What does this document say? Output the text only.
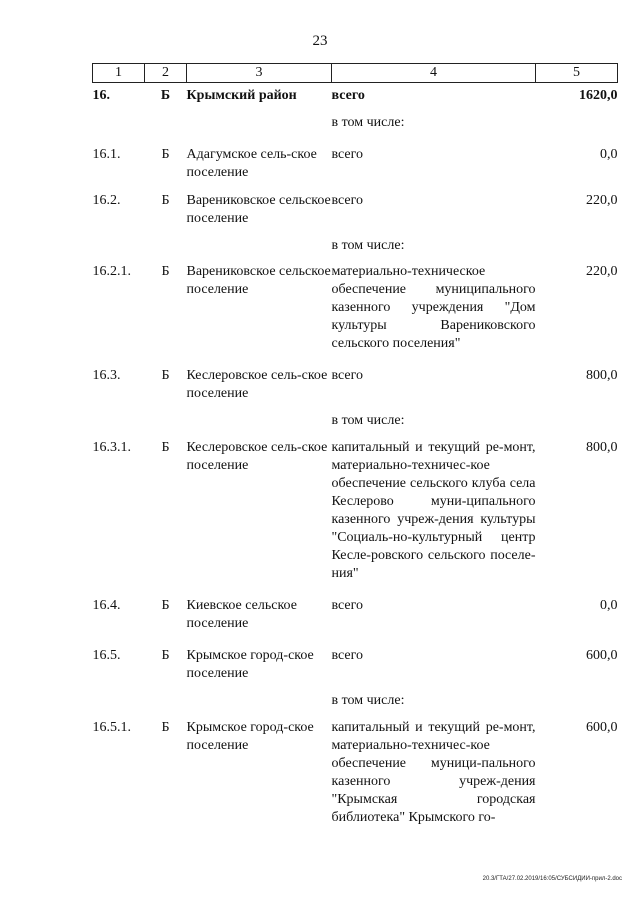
23
1	2	3	4	5
16.	Б	Крымский район	всего	1620,0
			в том числе:	
16.1.	Б	Адагумское сель-ское поселение	всего	0,0
16.2.	Б	Варениковское сельское поселение	всего	220,0
			в том числе:	
16.2.1.	Б	Варениковское сельское поселение	материально-техническое обеспечение муниципального казенного учреждения "Дом культуры Варениковского сельского поселения"	220,0
16.3.	Б	Кеслеровское сель-ское поселение	всего	800,0
			в том числе:	
16.3.1.	Б	Кеслеровское сель-ское поселение	капитальный и текущий ре-монт, материально-техничес-кое обеспечение сельского клуба села Кеслерово муни-ципального казенного учреж-дения культуры "Социаль-но-культурный центр Кесле-ровского сельского поселе-ния"	800,0
16.4.	Б	Киевское сельское поселение	всего	0,0
16.5.	Б	Крымское город-ское поселение	всего	600,0
			в том числе:	
16.5.1.	Б	Крымское город-ское поселение	капитальный и текущий ре-монт, материально-техничес-кое обеспечение муници-пального казенного учреж-дения "Крымская городская библиотека" Крымского го-	600,0
20.3/ГТА/27.02.2019/16:05/СУБСИДИИ-прил-2.doc
